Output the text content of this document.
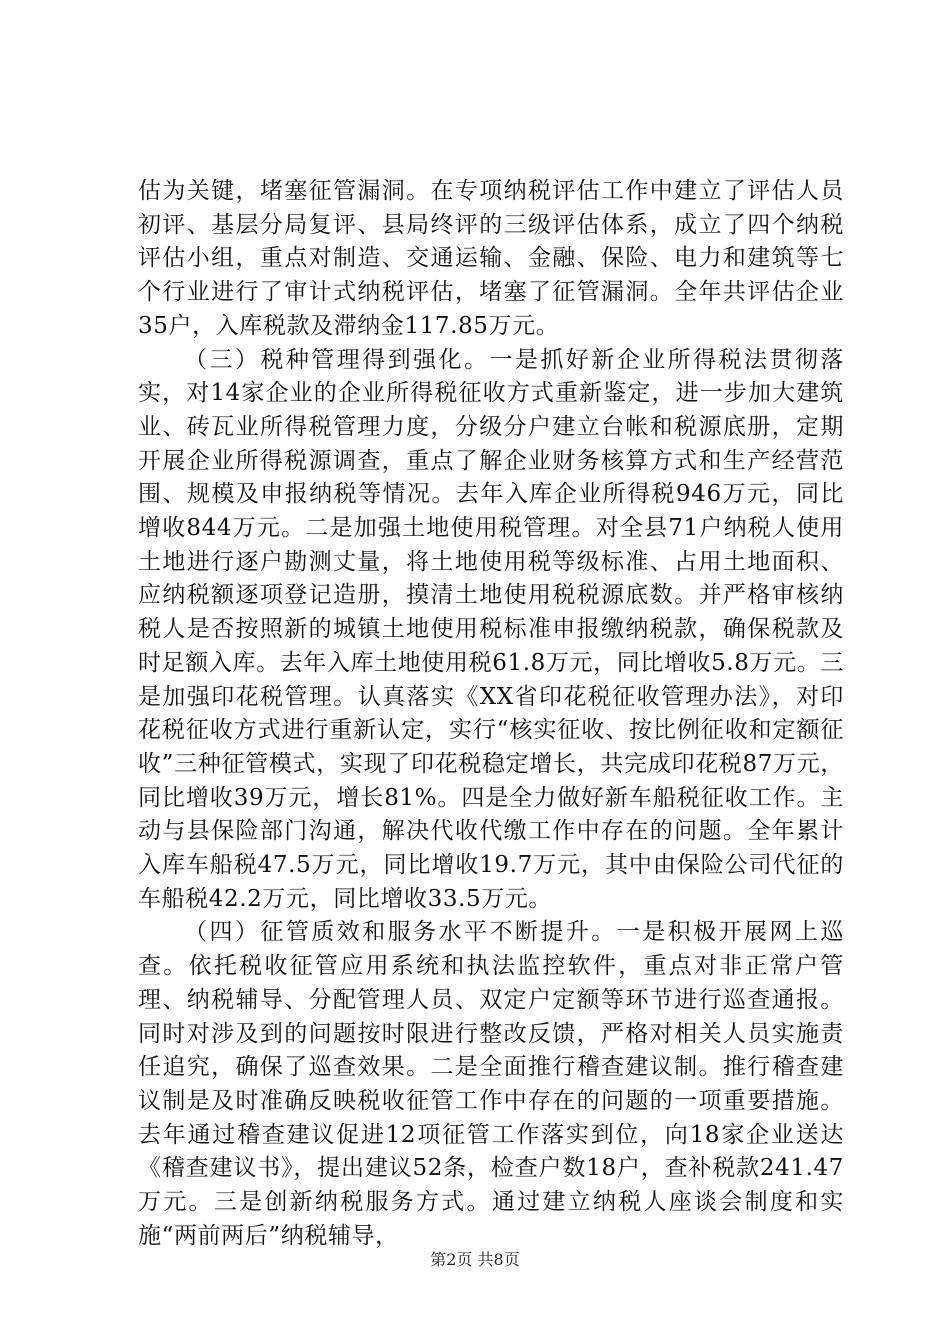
估为关键，堵塞征管漏洞。在专项纳税评估工作中建立了评估人员初评、基层分局复评、县局终评的三级评估体系，成立了四个纳税评估小组，重点对制造、交通运输、金融、保险、电力和建筑等七个行业进行了审计式纳税评估，堵塞了征管漏洞。全年共评估企业35户，入库税款及滞纳金117.85万元。

（三）税种管理得到强化。一是抓好新企业所得税法贯彻落实，对14家企业的企业所得税征收方式重新鉴定，进一步加大建筑业、砖瓦业所得税管理力度，分级分户建立台帐和税源底册，定期开展企业所得税源调查，重点了解企业财务核算方式和生产经营范围、规模及申报纳税等情况。去年入库企业所得税946万元，同比增收844万元。二是加强土地使用税管理。对全县71户纳税人使用土地进行逐户勘测丈量，将土地使用税等级标准、占用土地面积、应纳税额逐项登记造册，摸清土地使用税税源底数。并严格审核纳税人是否按照新的城镇土地使用税标准申报缴纳税款，确保税款及时足额入库。去年入库土地使用税61.8万元，同比增收5.8万元。三是加强印花税管理。认真落实《XX省印花税征收管理办法》，对印花税征收方式进行重新认定，实行“核实征收、按比例征收和定额征收”三种征管模式，实现了印花税稳定增长，共完成印花税87万元，同比增收39万元，增长81%。四是全力做好新车船税征收工作。主动与县保险部门沟通，解决代收代缴工作中存在的问题。全年累计入库车船税47.5万元，同比增收19.7万元，其中由保险公司代征的车船税42.2万元，同比增收33.5万元。

（四）征管质效和服务水平不断提升。一是积极开展网上巡查。依托税收征管应用系统和执法监控软件，重点对非正常户管理、纳税辅导、分配管理人员、双定户定额等环节进行巡查通报。同时对涉及到的问题按时限进行整改反馈，严格对相关人员实施责任追究，确保了巡查效果。二是全面推行稽查建议制。推行稽查建议制是及时准确反映税收征管工作中存在的问题的一项重要措施。去年通过稽查建议促进12项征管工作落实到位，向18家企业送达《稽查建议书》，提出建议52条，检查户数18户，查补税款241.47万元。三是创新纳税服务方式。通过建立纳税人座谈会制度和实施“两前两后”纳税辅导，

第2页 共8页
